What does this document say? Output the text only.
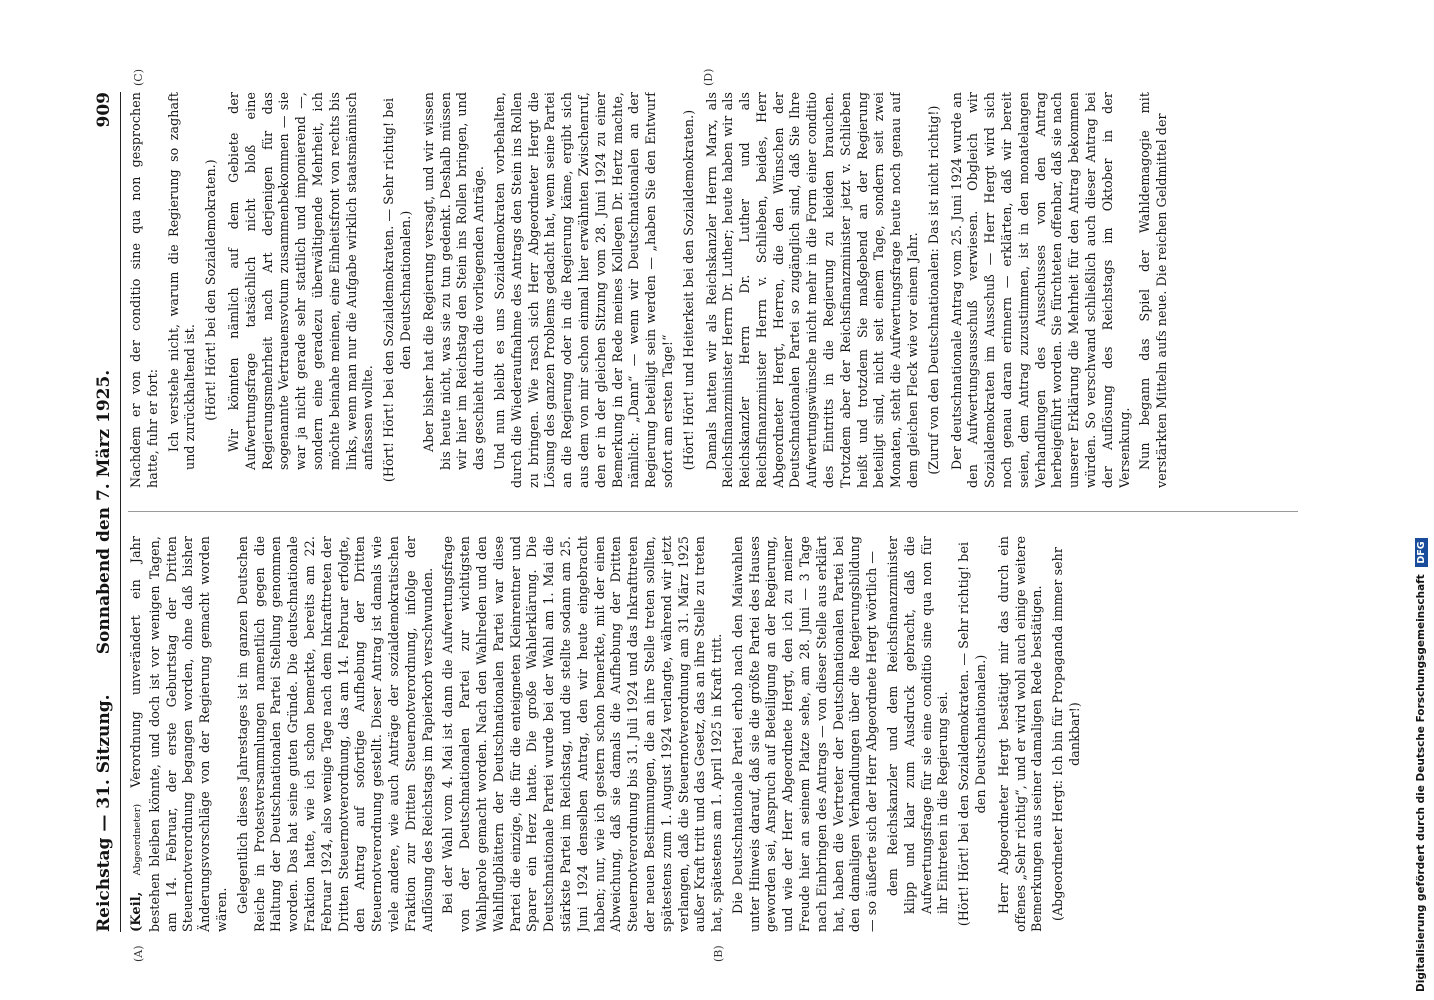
Reichstag — 31. Sitzung.
Sonnabend den 7. März 1925.
909
(A)	(B)
(C)	(D)

(Keil, Abgeordneter) Verordnung unverändert ein Jahr bestehen bleiben könnte, und doch ist vor wenigen Tagen, am 14. Februar, der erste Geburtstag der Dritten Steuernotverordnung begangen worden, ohne daß bisher Änderungsvorschläge von der Regierung gemacht worden wären. Gelegentlich dieses Jahrestages ist im ganzen Deutschen Reiche in Protestversammlungen namentlich gegen die Haltung der Deutschnationalen Partei Stellung genommen worden. Das hat seine guten Gründe. Die deutschnationale Fraktion hatte, wie ich schon bemerkte, bereits am 22. Februar 1924, also wenige Tage nach dem Inkrafttreten der Dritten Steuernotverordnung, das am 14. Februar erfolgte, den Antrag auf sofortige Aufhebung der Dritten Steuernotverordnung gestellt. Dieser Antrag ist damals wie viele andere, wie auch Anträge der sozialdemokratischen Fraktion zur Dritten Steuernotverordnung, infolge der Auflösung des Reichstags im Papierkorb verschwunden. Bei der Wahl vom 4. Mai ist dann die Aufwertungsfrage von der Deutschnationalen Partei zur wichtigsten Wahlparole gemacht worden. Nach den Wahlreden und den Wahlflugblättern der Deutschnationalen Partei war diese Partei die einzige, die für die enteigneten Kleinrentner und Sparer ein Herz hatte. Die große Wahlerklärung. Die Deutschnationale Partei wurde bei der Wahl am 1. Mai die stärkste Partei im Reichstag, und die stellte sodann am 25. Juni 1924 denselben Antrag, den wir heute eingebracht haben; nur, wie ich gestern schon bemerkte, mit der einen Abweichung, daß sie damals die Aufhebung der Dritten Steuernotverordnung bis 31. Juli 1924 und das Inkrafttreten der neuen Bestimmungen, die an ihre Stelle treten sollten, spätestens zum 1. August 1924 verlangte, während wir jetzt verlangen, daß die Steuernotverordnung am 31. März 1925 außer Kraft tritt und das Gesetz, das an ihre Stelle zu treten hat, spätestens am 1. April 1925 in Kraft tritt. Die Deutschnationale Partei erhob nach den Maiwahlen unter Hinweis darauf, daß sie die größte Partei des Hauses geworden sei, Anspruch auf Beteiligung an der Regierung, und wie der Herr Abgeordnete Hergt, den ich zu meiner Freude hier an seinem Platze sehe, am 28. Juni — 3 Tage nach Einbringen des Antrags — von dieser Stelle aus erklärt hat, haben die Vertreter der Deutschnationalen Partei bei den damaligen Verhandlungen über die Regierungsbildung — so äußerte sich der Herr Abgeordnete Hergt wörtlich — dem Reichskanzler und dem Reichsfinanzminister klipp und klar zum Ausdruck gebracht, daß die Aufwertungsfrage für sie eine conditio sine qua non für ihr Eintreten in die Regierung sei. (Hört! Hört! bei den Sozialdemokraten. — Sehr richtig! bei den Deutschnationalen.) Herr Abgeordneter Hergt bestätigt mir das durch ein offenes „Sehr richtig“, und er wird wohl auch einige weitere Bemerkungen aus seiner damaligen Rede bestätigen. (Abgeordneter Hergt: Ich bin für Propaganda immer sehr dankbar!)

Nachdem er von der conditio sine qua non gesprochen hatte, fuhr er fort: Ich verstehe nicht, warum die Regierung so zaghaft und zurückhaltend ist. (Hört! Hört! bei den Sozialdemokraten.) Wir könnten nämlich auf dem Gebiete der Aufwertungsfrage tatsächlich nicht bloß eine Regierungsmehrheit nach Art derjenigen für das sogenannte Vertrauensvotum zusammenbekommen — sie war ja nicht gerade sehr stattlich und imponierend —, sondern eine geradezu überwältigende Mehrheit, ich möchte beinahe meinen, eine Einheitsfront von rechts bis links, wenn man nur die Aufgabe wirklich staatsmännisch anfassen wollte. (Hört! Hört! bei den Sozialdemokraten. — Sehr richtig! bei den Deutschnationalen.) Aber bisher hat die Regierung versagt, und wir wissen bis heute nicht, was sie zu tun gedenkt. Deshalb müssen wir hier im Reichstag den Stein ins Rollen bringen, und das geschieht durch die vorliegenden Anträge. Und nun bleibt es uns Sozialdemokraten vorbehalten, durch die Wiederaufnahme des Antrags den Stein ins Rollen zu bringen. Wie rasch sich Herr Abgeordneter Hergt die Lösung des ganzen Problems gedacht hat, wenn seine Partei an die Regierung oder in die Regierung käme, ergibt sich aus dem von mir schon einmal hier erwähnten Zwischenruf, den er in der gleichen Sitzung vom 28. Juni 1924 zu einer Bemerkung in der Rede meines Kollegen Dr. Hertz machte, nämlich: „Dann“ — wenn wir Deutschnationalen an der Regierung beteiligt sein werden — „haben Sie den Entwurf sofort am ersten Tage!“ (Hört! Hört! und Heiterkeit bei den Sozialdemokraten.) Damals hatten wir als Reichskanzler Herrn Marx, als Reichsfinanzminister Herrn Dr. Luther; heute haben wir als Reichskanzler Herrn Dr. Luther und als Reichsfinanzminister Herrn v. Schlieben, beides, Herr Abgeordneter Hergt, Herren, die den Wünschen der Deutschnationalen Partei so zugänglich sind, daß Sie Ihre Aufwertungswünsche nicht mehr in die Form einer conditio des Eintritts in die Regierung zu kleiden brauchen. Trotzdem aber der Reichsfinanzminister jetzt v. Schlieben heißt und trotzdem Sie maßgebend an der Regierung beteiligt sind, nicht seit einem Tage, sondern seit zwei Monaten, steht die Aufwertungsfrage heute noch genau auf dem gleichen Fleck wie vor einem Jahr. (Zuruf von den Deutschnationalen: Das ist nicht richtig!) Der deutschnationale Antrag vom 25. Juni 1924 wurde an den Aufwertungsausschuß verwiesen. Obgleich wir Sozialdemokraten im Ausschuß — Herr Hergt wird sich noch genau daran erinnern — erklärten, daß wir bereit seien, dem Antrag zuzustimmen, ist in den monatelangen Verhandlungen des Ausschusses von den Antrag herbeigeführt worden. Sie fürchteten offenbar, daß sie nach unserer Erklärung die Mehrheit für den Antrag bekommen würden. So verschwand schließlich auch dieser Antrag bei der Auflösung des Reichstags im Oktober in der Versenkung. Nun begann das Spiel der Wahldemagogie mit verstärkten Mitteln aufs neue. Die reichen Geldmittel der

Digitalisierung gefördert durch die Deutsche Forschungsgemeinschaft DFG
